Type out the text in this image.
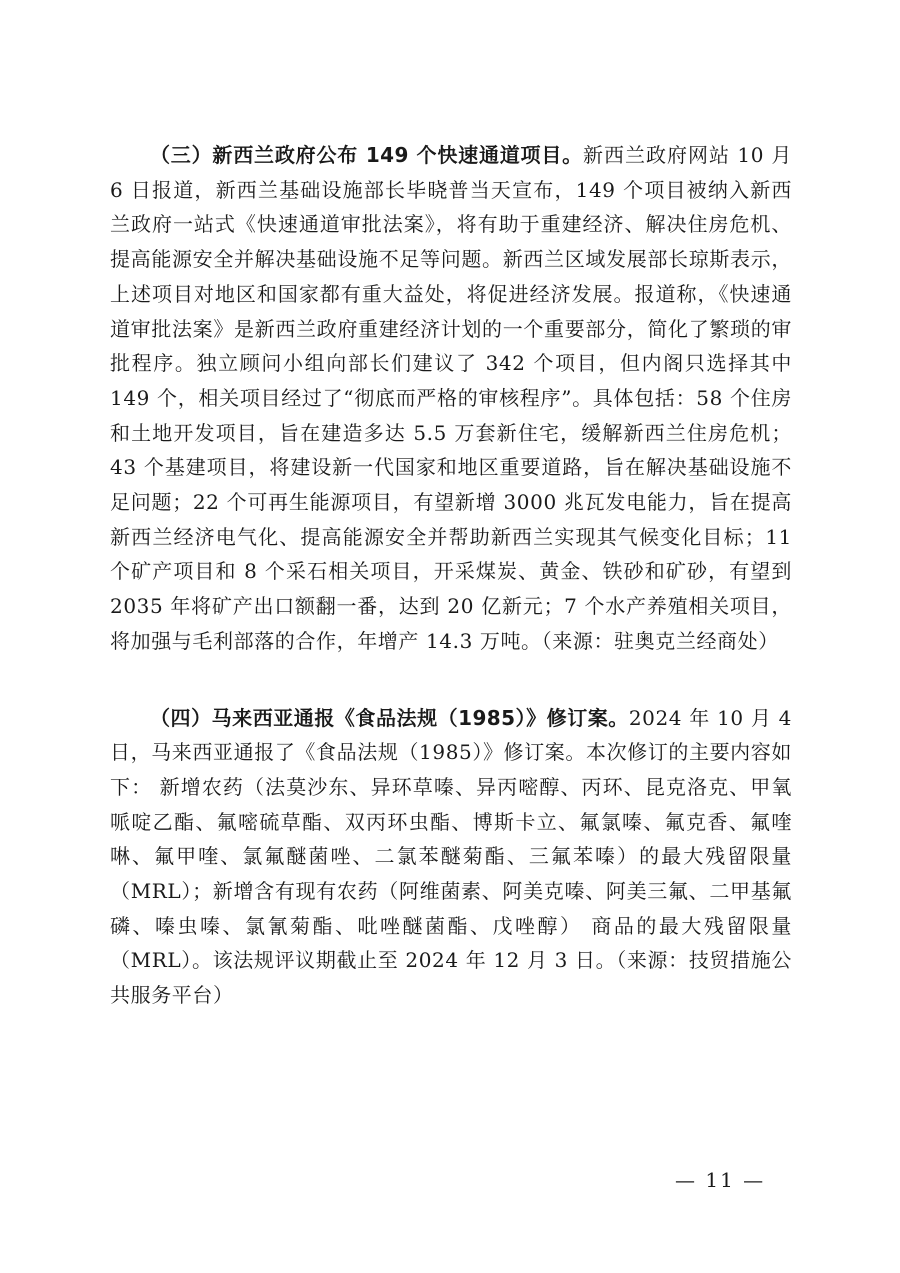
（三）新西兰政府公布 149 个快速通道项目。新西兰政府网站 10 月 6 日报道，新西兰基础设施部长毕晓普当天宣布，149 个项目被纳入新西兰政府一站式《快速通道审批法案》，将有助于重建经济、解决住房危机、提高能源安全并解决基础设施不足等问题。新西兰区域发展部长琼斯表示，上述项目对地区和国家都有重大益处，将促进经济发展。报道称，《快速通道审批法案》是新西兰政府重建经济计划的一个重要部分，简化了繁琐的审批程序。独立顾问小组向部长们建议了 342 个项目，但内阁只选择其中 149 个，相关项目经过了“彻底而严格的审核程序”。具体包括：58 个住房和土地开发项目，旨在建造多达 5.5 万套新住宅，缓解新西兰住房危机；43 个基建项目，将建设新一代国家和地区重要道路，旨在解决基础设施不足问题；22 个可再生能源项目，有望新增 3000 兆瓦发电能力，旨在提高新西兰经济电气化、提高能源安全并帮助新西兰实现其气候变化目标；11 个矿产项目和 8 个采石相关项目，开采煤炭、黄金、铁砂和矿砂，有望到 2035 年将矿产出口额翻一番，达到 20 亿新元；7 个水产养殖相关项目，将加强与毛利部落的合作，年增产 14.3 万吨。（来源：驻奥克兰经商处）

（四）马来西亚通报《食品法规（1985）》修订案。2024 年 10 月 4 日，马来西亚通报了《食品法规（1985）》修订案。本次修订的主要内容如下： 新增农药（法莫沙东、异环草嗪、异丙嘧醇、丙环、昆克洛克、甲氧哌啶乙酯、氟嘧硫草酯、双丙环虫酯、博斯卡立、氟氯嗪、氟克香、氟喹啉、氟甲喹、氯氟醚菌唑、二氯苯醚菊酯、三氟苯嗪）的最大残留限量 （MRL）；新增含有现有农药（阿维菌素、阿美克嗪、阿美三氟、二甲基氟磷、嗪虫嗪、氯氰菊酯、吡唑醚菌酯、戊唑醇） 商品的最大残留限量（MRL）。该法规评议期截止至 2024 年 12 月 3 日。（来源：技贸措施公共服务平台）

— 11 —
